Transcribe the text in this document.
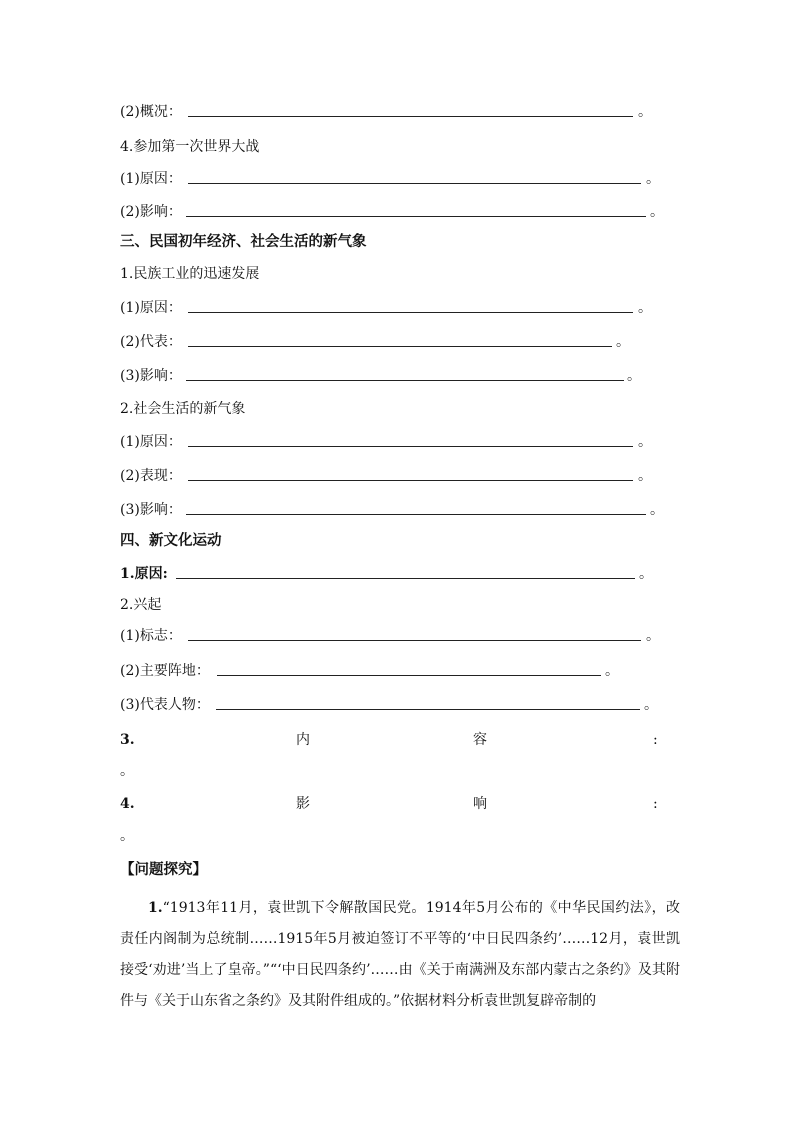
(2)概况：	。
4.参加第一次世界大战
(1)原因：	。
(2)影响：	。
三、民国初年经济、社会生活的新气象
1.民族工业的迅速发展
(1)原因：	。
(2)代表：	。
(3)影响：	。
2.社会生活的新气象
(1)原因：	。
(2)表现：	。
(3)影响：	。
四、新文化运动
1.原因:	。
2.兴起
(1)标志：	。
(2)主要阵地：	。
(3)代表人物：	。
3.	内	容	:
。
4.	影	响	:
。
【问题探究】

1.“1913年11月，袁世凯下令解散国民党。1914年5月公布的《中华民国约法》，改责任内阁制为总统制……1915年5月被迫签订不平等的‘中日民四条约’……12月，袁世凯接受‘劝进’当上了皇帝。”“‘中日民四条约’……由《关于南满洲及东部内蒙古之条约》及其附件与《关于山东省之条约》及其附件组成的。”依据材料分析袁世凯复辟帝制的
